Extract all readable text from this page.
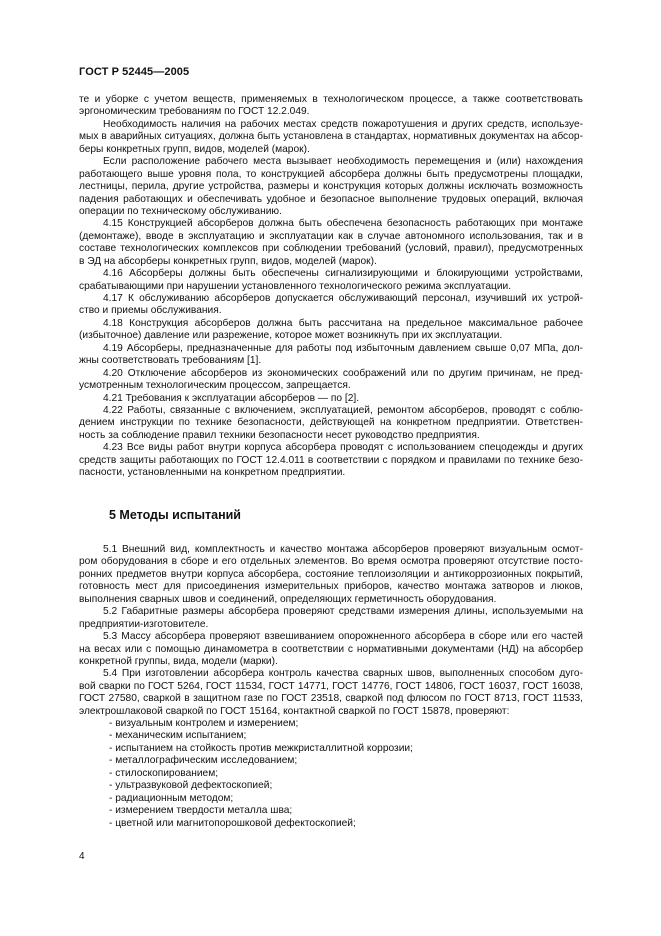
ГОСТ Р 52445—2005
те и уборке с учетом веществ, применяемых в технологическом процессе, а также соответствовать
эргономическим требованиям по ГОСТ 12.2.049.
Необходимость наличия на рабочих местах средств пожаротушения и других средств, используе-
мых в аварийных ситуациях, должна быть установлена в стандартах, нормативных документах на абсор-
беры конкретных групп, видов, моделей (марок).
Если расположение рабочего места вызывает необходимость перемещения и (или) нахождения
работающего выше уровня пола, то конструкцией абсорбера должны быть предусмотрены площадки,
лестницы, перила, другие устройства, размеры и конструкция которых должны исключать возможность
падения работающих и обеспечивать удобное и безопасное выполнение трудовых операций, включая
операции по техническому обслуживанию.
4.15 Конструкцией абсорберов должна быть обеспечена безопасность работающих при монтаже
(демонтаже), вводе в эксплуатацию и эксплуатации как в случае автономного использования, так и в
составе технологических комплексов при соблюдении требований (условий, правил), предусмотренных
в ЭД на абсорберы конкретных групп, видов, моделей (марок).
4.16 Абсорберы должны быть обеспечены сигнализирующими и блокирующими устройствами,
срабатывающими при нарушении установленного технологического режима эксплуатации.
4.17 К обслуживанию абсорберов допускается обслуживающий персонал, изучивший их устрой-
ство и приемы обслуживания.
4.18 Конструкция абсорберов должна быть рассчитана на предельное максимальное рабочее
(избыточное) давление или разрежение, которое может возникнуть при их эксплуатации.
4.19 Абсорберы, предназначенные для работы под избыточным давлением свыше 0,07 МПа, дол-
жны соответствовать требованиям [1].
4.20 Отключение абсорберов из экономических соображений или по другим причинам, не пред-
усмотренным технологическим процессом, запрещается.
4.21 Требования к эксплуатации абсорберов — по [2].
4.22 Работы, связанные с включением, эксплуатацией, ремонтом абсорберов, проводят с соблю-
дением инструкции по технике безопасности, действующей на конкретном предприятии. Ответствен-
ность за соблюдение правил техники безопасности несет руководство предприятия.
4.23 Все виды работ внутри корпуса абсорбера проводят с использованием спецодежды и других
средств защиты работающих по ГОСТ 12.4.011 в соответствии с порядком и правилами по технике безо-
пасности, установленными на конкретном предприятии.
5 Методы испытаний
5.1 Внешний вид, комплектность и качество монтажа абсорберов проверяют визуальным осмот-
ром оборудования в сборе и его отдельных элементов. Во время осмотра проверяют отсутствие посто-
ронних предметов внутри корпуса абсорбера, состояние теплоизоляции и антикоррозионных покрытий,
готовность мест для присоединения измерительных приборов, качество монтажа затворов и люков,
выполнения сварных швов и соединений, определяющих герметичность оборудования.
5.2 Габаритные размеры абсорбера проверяют средствами измерения длины, используемыми на
предприятии-изготовителе.
5.3 Массу абсорбера проверяют взвешиванием опорожненного абсорбера в сборе или его частей
на весах или с помощью динамометра в соответствии с нормативными документами (НД) на абсорбер
конкретной группы, вида, модели (марки).
5.4 При изготовлении абсорбера контроль качества сварных швов, выполненных способом дуго-
вой сварки по ГОСТ 5264, ГОСТ 11534, ГОСТ 14771, ГОСТ 14776, ГОСТ 14806, ГОСТ 16037, ГОСТ 16038,
ГОСТ 27580, сваркой в защитном газе по ГОСТ 23518, сваркой под флюсом по ГОСТ 8713, ГОСТ 11533,
электрошлаковой сваркой по ГОСТ 15164, контактной сваркой по ГОСТ 15878, проверяют:
- визуальным контролем и измерением;
- механическим испытанием;
- испытанием на стойкость против межкристаллитной коррозии;
- металлографическим исследованием;
- стилоскопированием;
- ультразвуковой дефектоскопией;
- радиационным методом;
- измерением твердости металла шва;
- цветной или магнитопорошковой дефектоскопией;
4
